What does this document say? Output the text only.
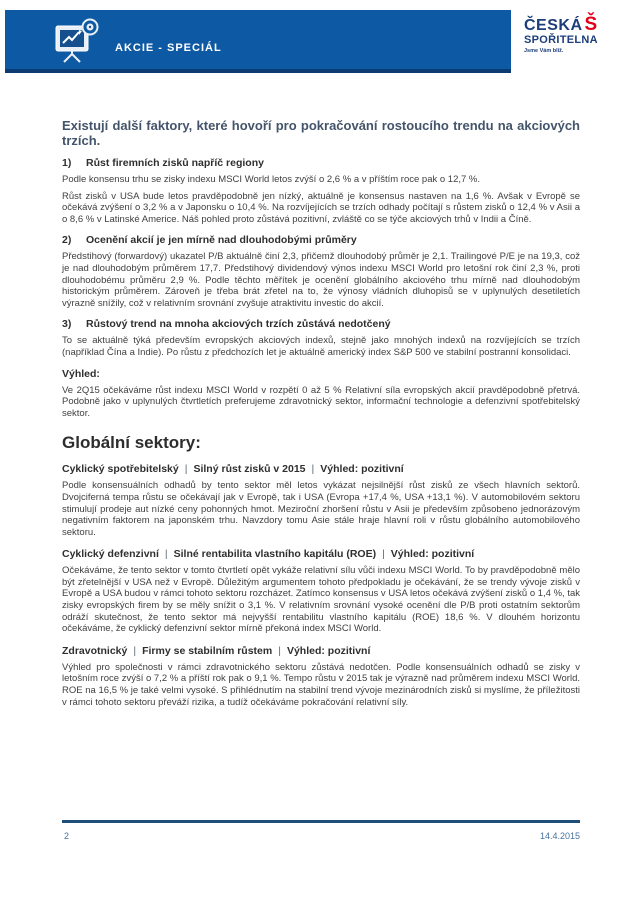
AKCIE - SPECIÁL
ČESKÁ Š
SPOŘITELNA
Jsme Vám blíž.
Existují další faktory, které hovoří pro pokračování rostoucího trendu na akciových trzích.
1)	Růst firemních zisků napříč regiony
Podle konsensu trhu se zisky indexu MSCI World letos zvýší o 2,6 % a v příštím roce pak o 12,7 %.
Růst zisků v USA bude letos pravděpodobně jen nízký, aktuálně je konsensus nastaven na 1,6 %. Avšak v Evropě se očekává zvýšení o 3,2 % a v Japonsku o 10,4 %. Na rozvíjejících se trzích odhady počítají s růstem zisků o 12,4 % v Asii a o 8,6 % v Latinské Americe. Náš pohled proto zůstává pozitivní, zvláště co se týče akciových trhů v Indii a Číně.
2)	Ocenění akcií je jen mírně nad dlouhodobými průměry
Předstihový (forwardový) ukazatel P/B aktuálně činí 2,3, přičemž dlouhodobý průměr je 2,1. Trailingové P/E je na 19,3, což je nad dlouhodobým průměrem 17,7. Předstihový dividendový výnos indexu MSCI World pro letošní rok činí 2,3 %, proti dlouhodobému průměru 2,9 %. Podle těchto měřítek je ocenění globálního akciového trhu mírně nad dlouhodobým historickým průměrem. Zároveň je třeba brát zřetel na to, že výnosy vládních dluhopisů se v uplynulých desetiletích výrazně snížily, což v relativním srovnání zvyšuje atraktivitu investic do akcií.
3)	Růstový trend na mnoha akciových trzích zůstává nedotčený
To se aktuálně týká především evropských akciových indexů, stejně jako mnohých indexů na rozvíjejících se trzích (například Čína a Indie). Po růstu z předchozích let je aktuálně americký index S&P 500 ve stabilní postranní konsolidaci.
Výhled:
Ve 2Q15 očekáváme růst indexu MSCI World v rozpětí 0 až 5 % Relativní síla evropských akcií pravděpodobně přetrvá. Podobně jako v uplynulých čtvrtletích preferujeme zdravotnický sektor, informační technologie a defenzivní spotřebitelský sektor.
Globální sektory:
Cyklický spotřebitelský | Silný růst zisků v 2015 | Výhled: pozitivní
Podle konsensuálních odhadů by tento sektor měl letos vykázat nejsilnější růst zisků ze všech hlavních sektorů. Dvojciferná tempa růstu se očekávají jak v Evropě, tak i USA (Evropa +17,4 %, USA +13,1 %). V automobilovém sektoru stimulují prodeje aut nízké ceny pohonných hmot. Meziroční zhoršení růstu v Asii je především způsobeno jednorázovým negativním faktorem na japonském trhu. Navzdory tomu Asie stále hraje hlavní roli v růstu globálního automobilového sektoru.
Cyklický defenzivní | Silné rentabilita vlastního kapitálu (ROE) | Výhled: pozitivní
Očekáváme, že tento sektor v tomto čtvrtletí opět vykáže relativní sílu vůči indexu MSCI World. To by pravděpodobně mělo být zřetelnější v USA než v Evropě. Důležitým argumentem tohoto předpokladu je očekávání, že se trendy vývoje zisků v Evropě a USA budou v rámci tohoto sektoru rozcházet. Zatímco konsensus v USA letos očekává zvýšení zisků o 1,4 %, tak zisky evropských firem by se měly snížit o 3,1 %. V relativním srovnání vysoké ocenění dle P/B proti ostatním sektorům odráží skutečnost, že tento sektor má nejvyšší rentabilitu vlastního kapitálu (ROE) 18,6 %. V dlouhém horizontu očekáváme, že cyklický defenzivní sektor mírně překoná index MSCI World.
Zdravotnický | Firmy se stabilním růstem | Výhled: pozitivní
Výhled pro společnosti v rámci zdravotnického sektoru zůstává nedotčen. Podle konsensuálních odhadů se zisky v letošním roce zvýší o 7,2 % a příští rok pak o 9,1 %. Tempo růstu v 2015 tak je výrazně nad průměrem indexu MSCI World. ROE na 16,5 % je také velmi vysoké. S přihlédnutím na stabilní trend vývoje mezinárodních zisků si myslíme, že příležitosti v rámci tohoto sektoru převáží rizika, a tudíž očekáváme pokračování relativní síly.
2	14.4.2015
